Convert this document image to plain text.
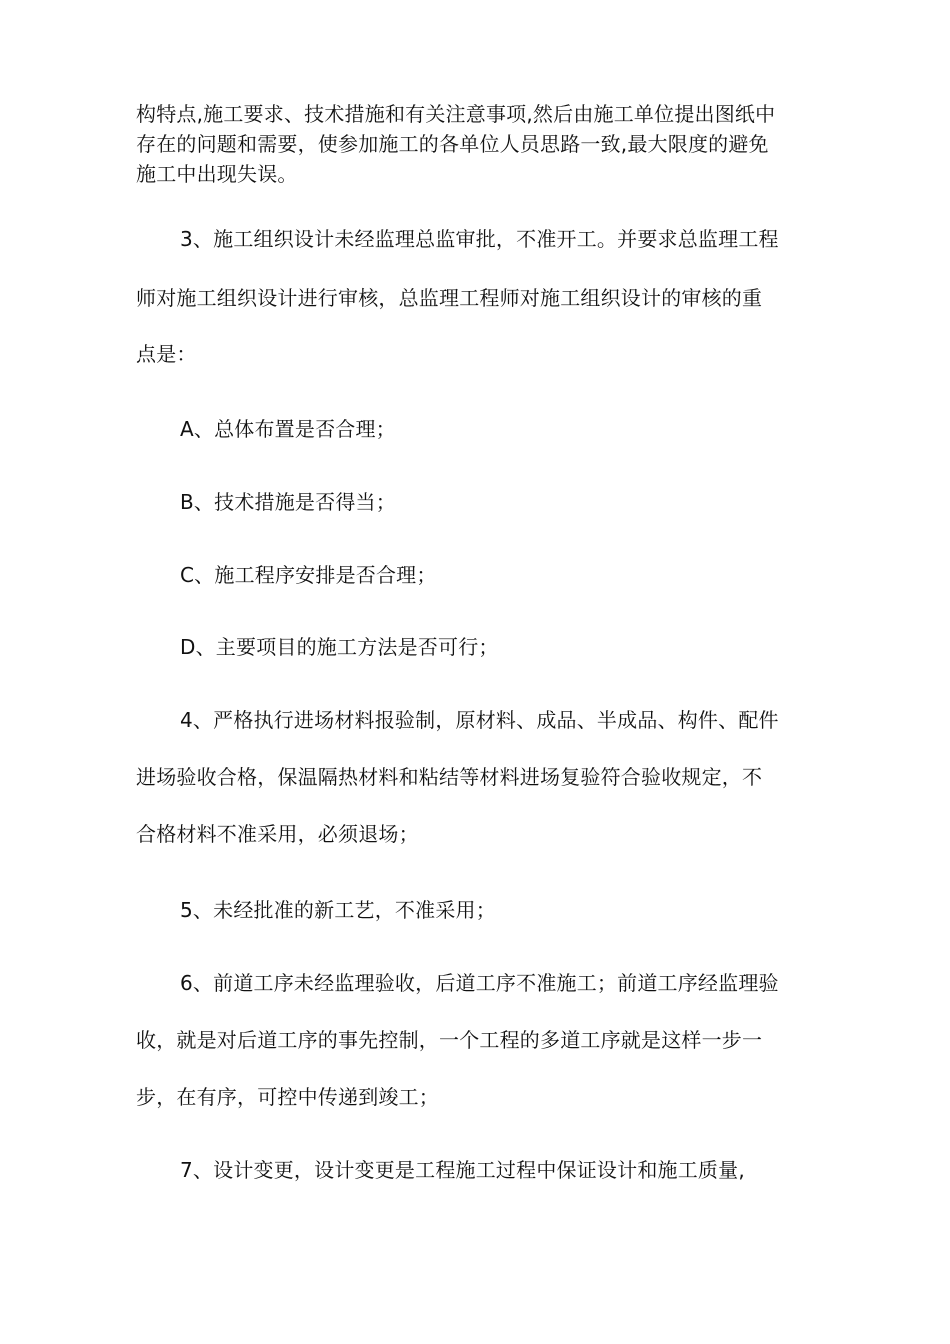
构特点,施工要求、技术措施和有关注意事项,然后由施工单位提出图纸中
存在的问题和需要，使参加施工的各单位人员思路一致,最大限度的避免
施工中出现失误。
3、施工组织设计未经监理总监审批，不准开工。并要求总监理工程
师对施工组织设计进行审核，总监理工程师对施工组织设计的审核的重
点是：
A、总体布置是否合理；
B、技术措施是否得当；
C、施工程序安排是否合理；
D、主要项目的施工方法是否可行；
4、严格执行进场材料报验制，原材料、成品、半成品、构件、配件
进场验收合格，保温隔热材料和粘结等材料进场复验符合验收规定，不
合格材料不准采用，必须退场；
5、未经批准的新工艺，不准采用；
6、前道工序未经监理验收，后道工序不准施工；前道工序经监理验
收，就是对后道工序的事先控制，一个工程的多道工序就是这样一步一
步，在有序，可控中传递到竣工；
7、设计变更，设计变更是工程施工过程中保证设计和施工质量,
